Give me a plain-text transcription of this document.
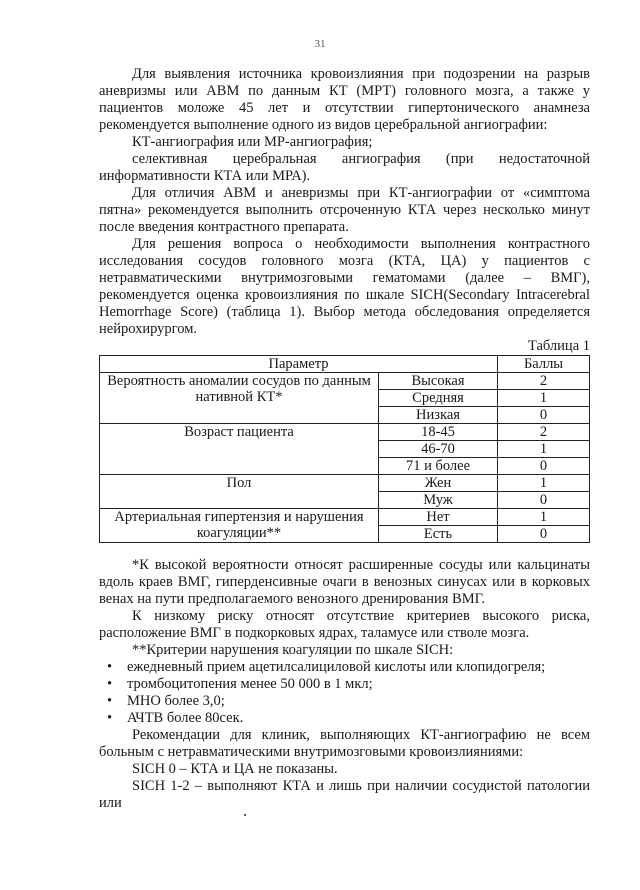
31

Для выявления источника кровоизлияния при подозрении на разрыв аневризмы или АВМ по данным КТ (МРТ) головного мозга, а также у пациентов моложе 45 лет и отсутствии гипертонического анамнеза рекомендуется выполнение одного из видов церебральной ангиографии:

КТ-ангиография или МР-ангиография;

селективная церебральная ангиография (при недостаточной информативности КТА или МРА).

Для отличия АВМ и аневризмы при КТ-ангиографии от «симптома пятна» рекомендуется выполнить отсроченную КТА через несколько минут после введения контрастного препарата.

Для решения вопроса о необходимости выполнения контрастного исследования сосудов головного мозга (КТА, ЦА) у пациентов с нетравматическими внутримозговыми гематомами (далее – ВМГ), рекомендуется оценка кровоизлияния по шкале SICH(Secondary Intracerebral Hemorrhage Score) (таблица 1). Выбор метода обследования определяется нейрохирургом.

Таблица 1

Параметр		Баллы
Вероятность аномалии сосудов по данным нативной КТ*	Высокая	2
	Средняя	1
	Низкая	0
Возраст пациента	18-45	2
	46-70	1
	71 и более	0
Пол	Жен	1
	Муж	0
Артериальная гипертензия и нарушения коагуляции**	Нет	1
	Есть	0

*К высокой вероятности относят расширенные сосуды или кальцинаты вдоль краев ВМГ, гиперденсивные очаги в венозных синусах или в корковых венах на пути предполагаемого венозного дренирования ВМГ.

К низкому риску относят отсутствие критериев высокого риска, расположение ВМГ в подкорковых ядрах, таламусе или стволе мозга.

**Критерии нарушения коагуляции по шкале SICH:

• ежедневный прием ацетилсалициловой кислоты или клопидогреля;
• тромбоцитопения менее 50 000 в 1 мкл;
• МНО более 3,0;
• АЧТВ более 80сек.

Рекомендации для клиник, выполняющих КТ-ангиографию не всем больным с нетравматическими внутримозговыми кровоизлияниями:

SICH 0 – КТА и ЦА не показаны.

SICH 1-2 – выполняют КТА и лишь при наличии сосудистой патологии или
